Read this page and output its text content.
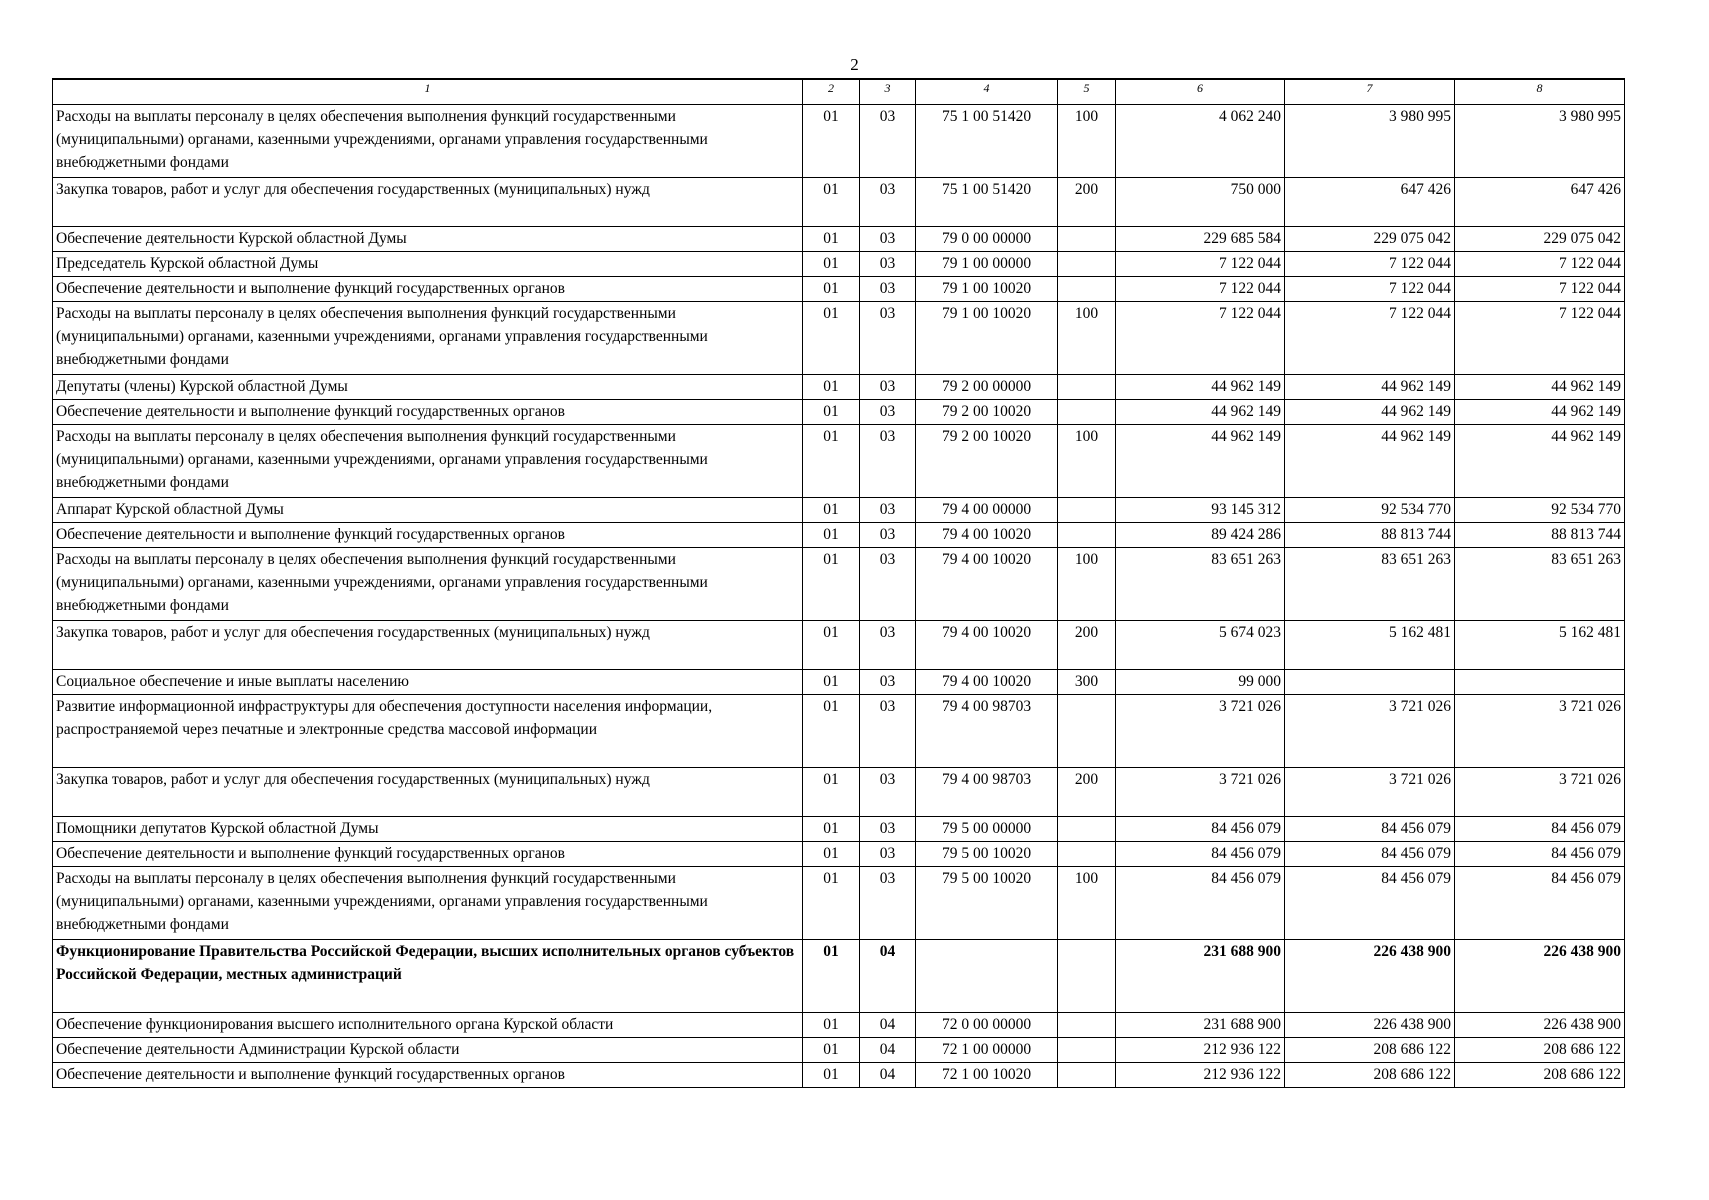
2
1	2	3	4	5	6	7	8
Расходы на выплаты персоналу в целях обеспечения выполнения функций государственными (муниципальными) органами, казенными учреждениями, органами управления государственными внебюджетными фондами	01	03	75 1 00 51420	100	4 062 240	3 980 995	3 980 995
Закупка товаров, работ и услуг для обеспечения государственных (муниципальных) нужд	01	03	75 1 00 51420	200	750 000	647 426	647 426
Обеспечение деятельности Курской областной Думы	01	03	79 0 00 00000		229 685 584	229 075 042	229 075 042
Председатель Курской областной Думы	01	03	79 1 00 00000		7 122 044	7 122 044	7 122 044
Обеспечение деятельности и выполнение функций государственных органов	01	03	79 1 00 10020		7 122 044	7 122 044	7 122 044
Расходы на выплаты персоналу в целях обеспечения выполнения функций государственными (муниципальными) органами, казенными учреждениями, органами управления государственными внебюджетными фондами	01	03	79 1 00 10020	100	7 122 044	7 122 044	7 122 044
Депутаты (члены) Курской областной Думы	01	03	79 2 00 00000		44 962 149	44 962 149	44 962 149
Обеспечение деятельности и выполнение функций государственных органов	01	03	79 2 00 10020		44 962 149	44 962 149	44 962 149
Расходы на выплаты персоналу в целях обеспечения выполнения функций государственными (муниципальными) органами, казенными учреждениями, органами управления государственными внебюджетными фондами	01	03	79 2 00 10020	100	44 962 149	44 962 149	44 962 149
Аппарат Курской областной Думы	01	03	79 4 00 00000		93 145 312	92 534 770	92 534 770
Обеспечение деятельности и выполнение функций государственных органов	01	03	79 4 00 10020		89 424 286	88 813 744	88 813 744
Расходы на выплаты персоналу в целях обеспечения выполнения функций государственными (муниципальными) органами, казенными учреждениями, органами управления государственными внебюджетными фондами	01	03	79 4 00 10020	100	83 651 263	83 651 263	83 651 263
Закупка товаров, работ и услуг для обеспечения государственных (муниципальных) нужд	01	03	79 4 00 10020	200	5 674 023	5 162 481	5 162 481
Социальное обеспечение и иные выплаты населению	01	03	79 4 00 10020	300	99 000		
Развитие информационной инфраструктуры для обеспечения доступности населения информации, распространяемой через печатные и электронные средства массовой информации	01	03	79 4 00 98703		3 721 026	3 721 026	3 721 026
Закупка товаров, работ и услуг для обеспечения государственных (муниципальных) нужд	01	03	79 4 00 98703	200	3 721 026	3 721 026	3 721 026
Помощники депутатов Курской областной Думы	01	03	79 5 00 00000		84 456 079	84 456 079	84 456 079
Обеспечение деятельности и выполнение функций государственных органов	01	03	79 5 00 10020		84 456 079	84 456 079	84 456 079
Расходы на выплаты персоналу в целях обеспечения выполнения функций государственными (муниципальными) органами, казенными учреждениями, органами управления государственными внебюджетными фондами	01	03	79 5 00 10020	100	84 456 079	84 456 079	84 456 079
Функционирование Правительства Российской Федерации, высших исполнительных органов субъектов Российской Федерации, местных администраций	01	04			231 688 900	226 438 900	226 438 900
Обеспечение функционирования высшего исполнительного органа Курской области	01	04	72 0 00 00000		231 688 900	226 438 900	226 438 900
Обеспечение деятельности Администрации Курской области	01	04	72 1 00 00000		212 936 122	208 686 122	208 686 122
Обеспечение деятельности и выполнение функций государственных органов	01	04	72 1 00 10020		212 936 122	208 686 122	208 686 122
